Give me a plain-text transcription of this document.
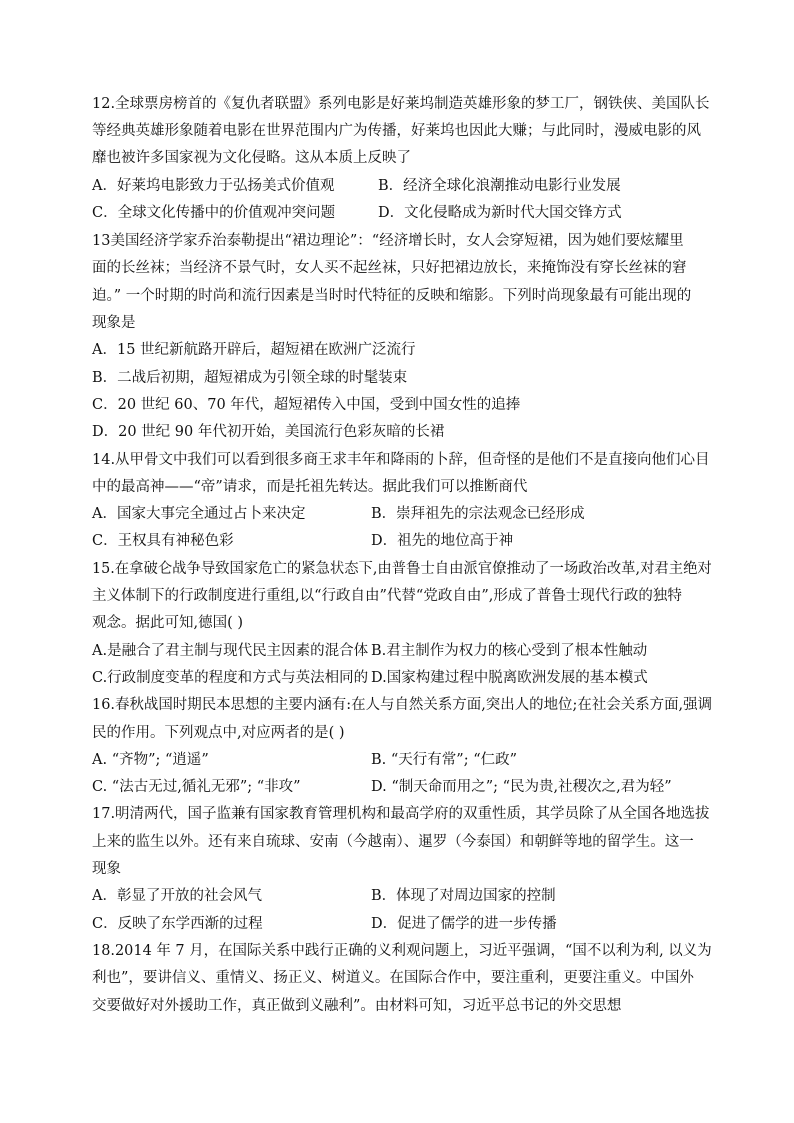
12.全球票房榜首的《复仇者联盟》系列电影是好莱坞制造英雄形象的梦工厂，钢铁侠、美国队长
等经典英雄形象随着电影在世界范围内广为传播，好莱坞也因此大赚；与此同时，漫威电影的风
靡也被许多国家视为文化侵略。这从本质上反映了
A．好莱坞电影致力于弘扬美式价值观	B．经济全球化浪潮推动电影行业发展
C．全球文化传播中的价值观冲突问题	D．文化侵略成为新时代大国交锋方式
13美国经济学家乔治泰勒提出“裙边理论”：“经济增长时，女人会穿短裙，因为她们要炫耀里
面的长丝袜；当经济不景气时，女人买不起丝袜，只好把裙边放长，来掩饰没有穿长丝袜的窘
迫。” 一个时期的时尚和流行因素是当时时代特征的反映和缩影。下列时尚现象最有可能出现的
现象是
A．15 世纪新航路开辟后，超短裙在欧洲广泛流行
B．二战后初期，超短裙成为引领全球的时髦装束
C．20 世纪 60、70 年代，超短裙传入中国，受到中国女性的追捧
D．20 世纪 90 年代初开始，美国流行色彩灰暗的长裙
14.从甲骨文中我们可以看到很多商王求丰年和降雨的卜辞，但奇怪的是他们不是直接向他们心目
中的最高神——“帝”请求，而是托祖先转达。据此我们可以推断商代
A．国家大事完全通过占卜来决定	B．崇拜祖先的宗法观念已经形成
C．王权具有神秘色彩	D．祖先的地位高于神
15.在拿破仑战争导致国家危亡的紧急状态下,由普鲁士自由派官僚推动了一场政治改革,对君主绝对
主义体制下的行政制度进行重组,以“行政自由”代替“党政自由”,形成了普鲁士现代行政的独特
观念。据此可知,德国( )
A.是融合了君主制与现代民主因素的混合体 B.君主制作为权力的核心受到了根本性触动
C.行政制度变革的程度和方式与英法相同的 D.国家构建过程中脱离欧洲发展的基本模式
16.春秋战国时期民本思想的主要内涵有:在人与自然关系方面,突出人的地位;在社会关系方面,强调
民的作用。下列观点中,对应两者的是( )
A. “齐物”; “逍遥”	B. “天行有常”; “仁政”
C. “法古无过,循礼无邪”; “非攻”	D. “制天命而用之”; “民为贵,社稷次之,君为轻”
17.明清两代，国子监兼有国家教育管理机构和最高学府的双重性质，其学员除了从全国各地选拔
上来的监生以外。还有来自琉球、安南（今越南）、暹罗（今泰国）和朝鲜等地的留学生。这一
现象
A．彰显了开放的社会风气	B．体现了对周边国家的控制
C．反映了东学西渐的过程	D．促进了儒学的进一步传播
18.2014 年 7 月，在国际关系中践行正确的义利观问题上，习近平强调，“国不以利为利, 以义为
利也”，要讲信义、重情义、扬正义、树道义。在国际合作中，要注重利，更要注重义。中国外
交要做好对外援助工作，真正做到义融利”。由材料可知，习近平总书记的外交思想
